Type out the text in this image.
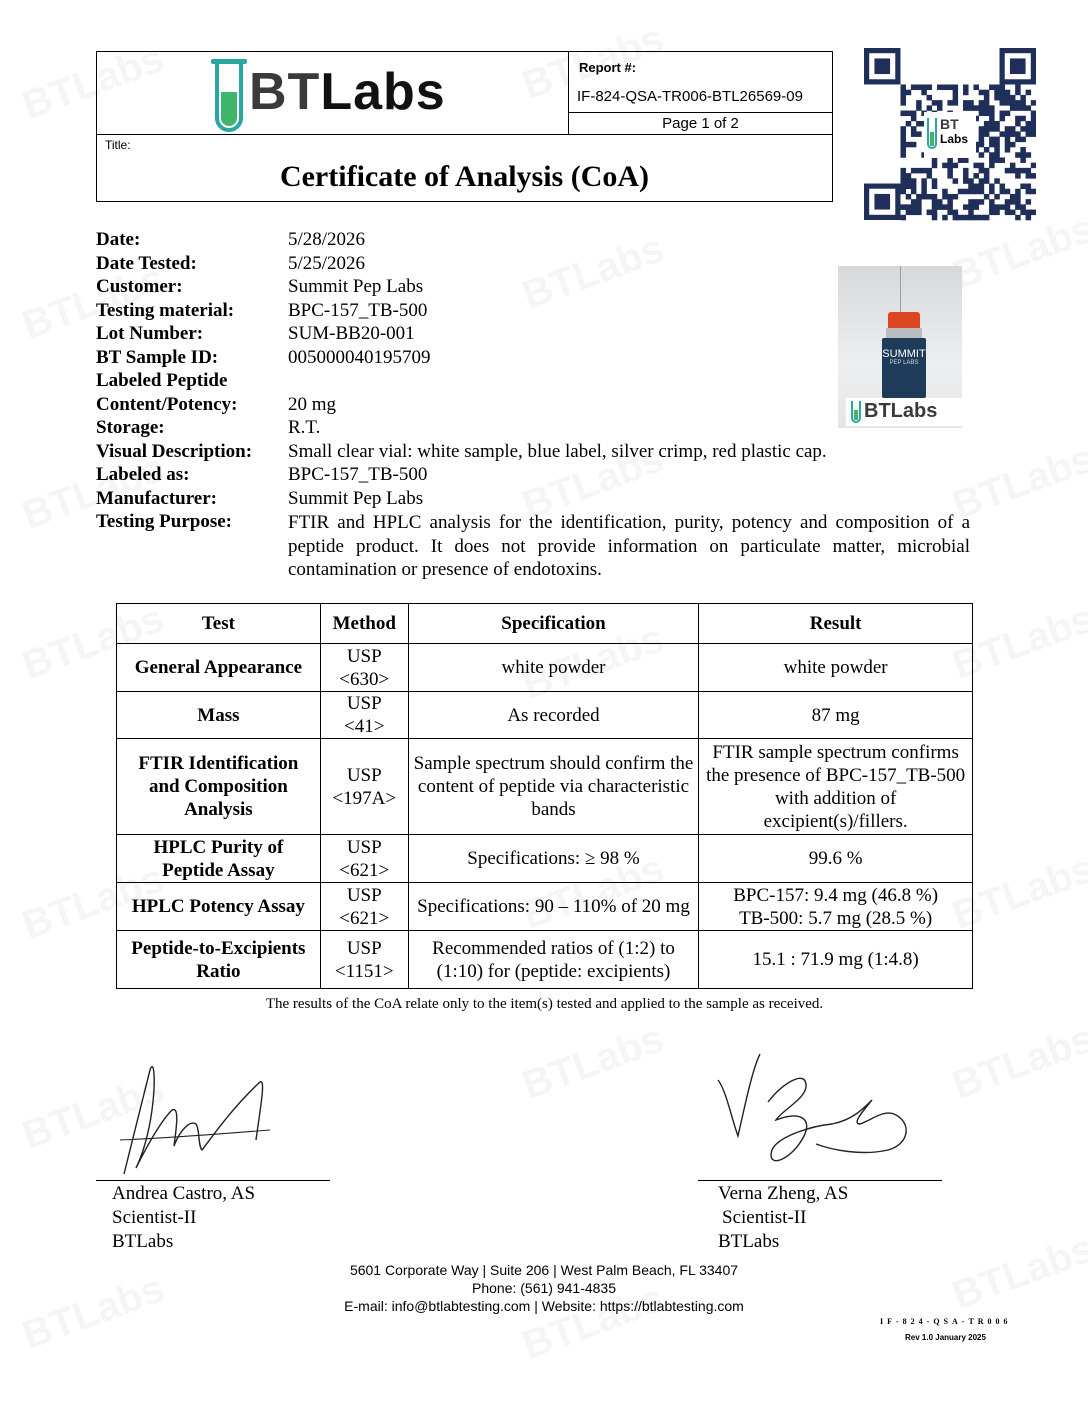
BTLabs	Report #:
IF-824-QSA-TR006-BTL26569-09
Page 1 of 2
Title:
Certificate of Analysis (CoA)
BT
Labs
Date:	5/28/2026
Date Tested:	5/25/2026
Customer:	Summit Pep Labs
Testing material:	BPC-157_TB-500
Lot Number:	SUM-BB20-001
BT Sample ID:	005000040195709
Labeled Peptide
Content/Potency:	20 mg
Storage:	R.T.
Visual Description: Small clear vial: white sample, blue label, silver crimp, red plastic cap.
Labeled as:	BPC-157_TB-500
Manufacturer:	Summit Pep Labs
Testing Purpose:	FTIR and HPLC analysis for the identification, purity, potency and composition of a peptide product. It does not provide information on particulate matter, microbial contamination or presence of endotoxins.
SUMMIT
PEP LABS
BTLabs
Test	Method	Specification	Result
General Appearance	USP <630>	white powder	white powder
Mass	USP <41>	As recorded	87 mg
FTIR Identification and Composition Analysis	USP <197A>	Sample spectrum should confirm the content of peptide via characteristic bands	FTIR sample spectrum confirms the presence of BPC-157_TB-500 with addition of excipient(s)/fillers.
HPLC Purity of Peptide Assay	USP <621>	Specifications: ≥ 98 %	99.6 %
HPLC Potency Assay	USP <621>	Specifications: 90 – 110% of 20 mg	BPC-157: 9.4 mg (46.8 %)
TB-500: 5.7 mg (28.5 %)
Peptide-to-Excipients Ratio	USP <1151>	Recommended ratios of (1:2) to (1:10) for (peptide: excipients)	15.1 : 71.9 mg (1:4.8)
The results of the CoA relate only to the item(s) tested and applied to the sample as received.
Andrea Castro, AS
Scientist-II
BTLabs
Verna Zheng, AS
Scientist-II
BTLabs
5601 Corporate Way | Suite 206 | West Palm Beach, FL 33407
Phone: (561) 941-4835
E-mail: info@btlabtesting.com | Website: https://btlabtesting.com
IF-824-QSA-TR006
Rev 1.0 January 2025
